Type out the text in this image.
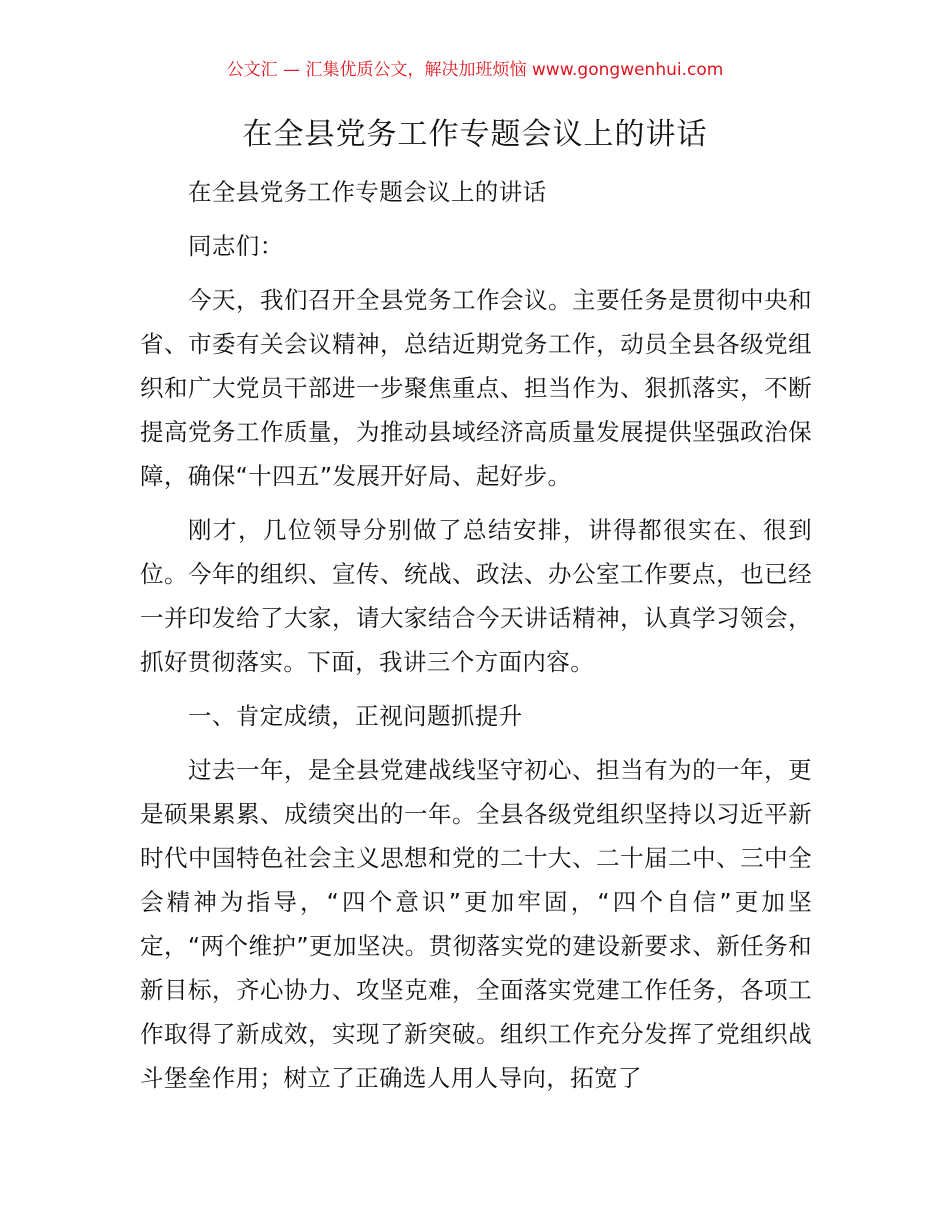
公文汇 — 汇集优质公文，解决加班烦恼 www.gongwenhui.com
在全县党务工作专题会议上的讲话

在全县党务工作专题会议上的讲话

同志们：

今天，我们召开全县党务工作会议。主要任务是贯彻中央和省、市委有关会议精神，总结近期党务工作，动员全县各级党组织和广大党员干部进一步聚焦重点、担当作为、狠抓落实，不断提高党务工作质量，为推动县域经济高质量发展提供坚强政治保障，确保“十四五”发展开好局、起好步。

刚才，几位领导分别做了总结安排，讲得都很实在、很到位。今年的组织、宣传、统战、政法、办公室工作要点，也已经一并印发给了大家，请大家结合今天讲话精神，认真学习领会，抓好贯彻落实。下面，我讲三个方面内容。

一、肯定成绩，正视问题抓提升

过去一年，是全县党建战线坚守初心、担当有为的一年，更是硕果累累、成绩突出的一年。全县各级党组织坚持以习近平新时代中国特色社会主义思想和党的二十大、二十届二中、三中全会精神为指导，“四个意识”更加牢固，“四个自信”更加坚定，“两个维护”更加坚决。贯彻落实党的建设新要求、新任务和新目标，齐心协力、攻坚克难，全面落实党建工作任务，各项工作取得了新成效，实现了新突破。组织工作充分发挥了党组织战斗堡垒作用；树立了正确选人用人导向，拓宽了
